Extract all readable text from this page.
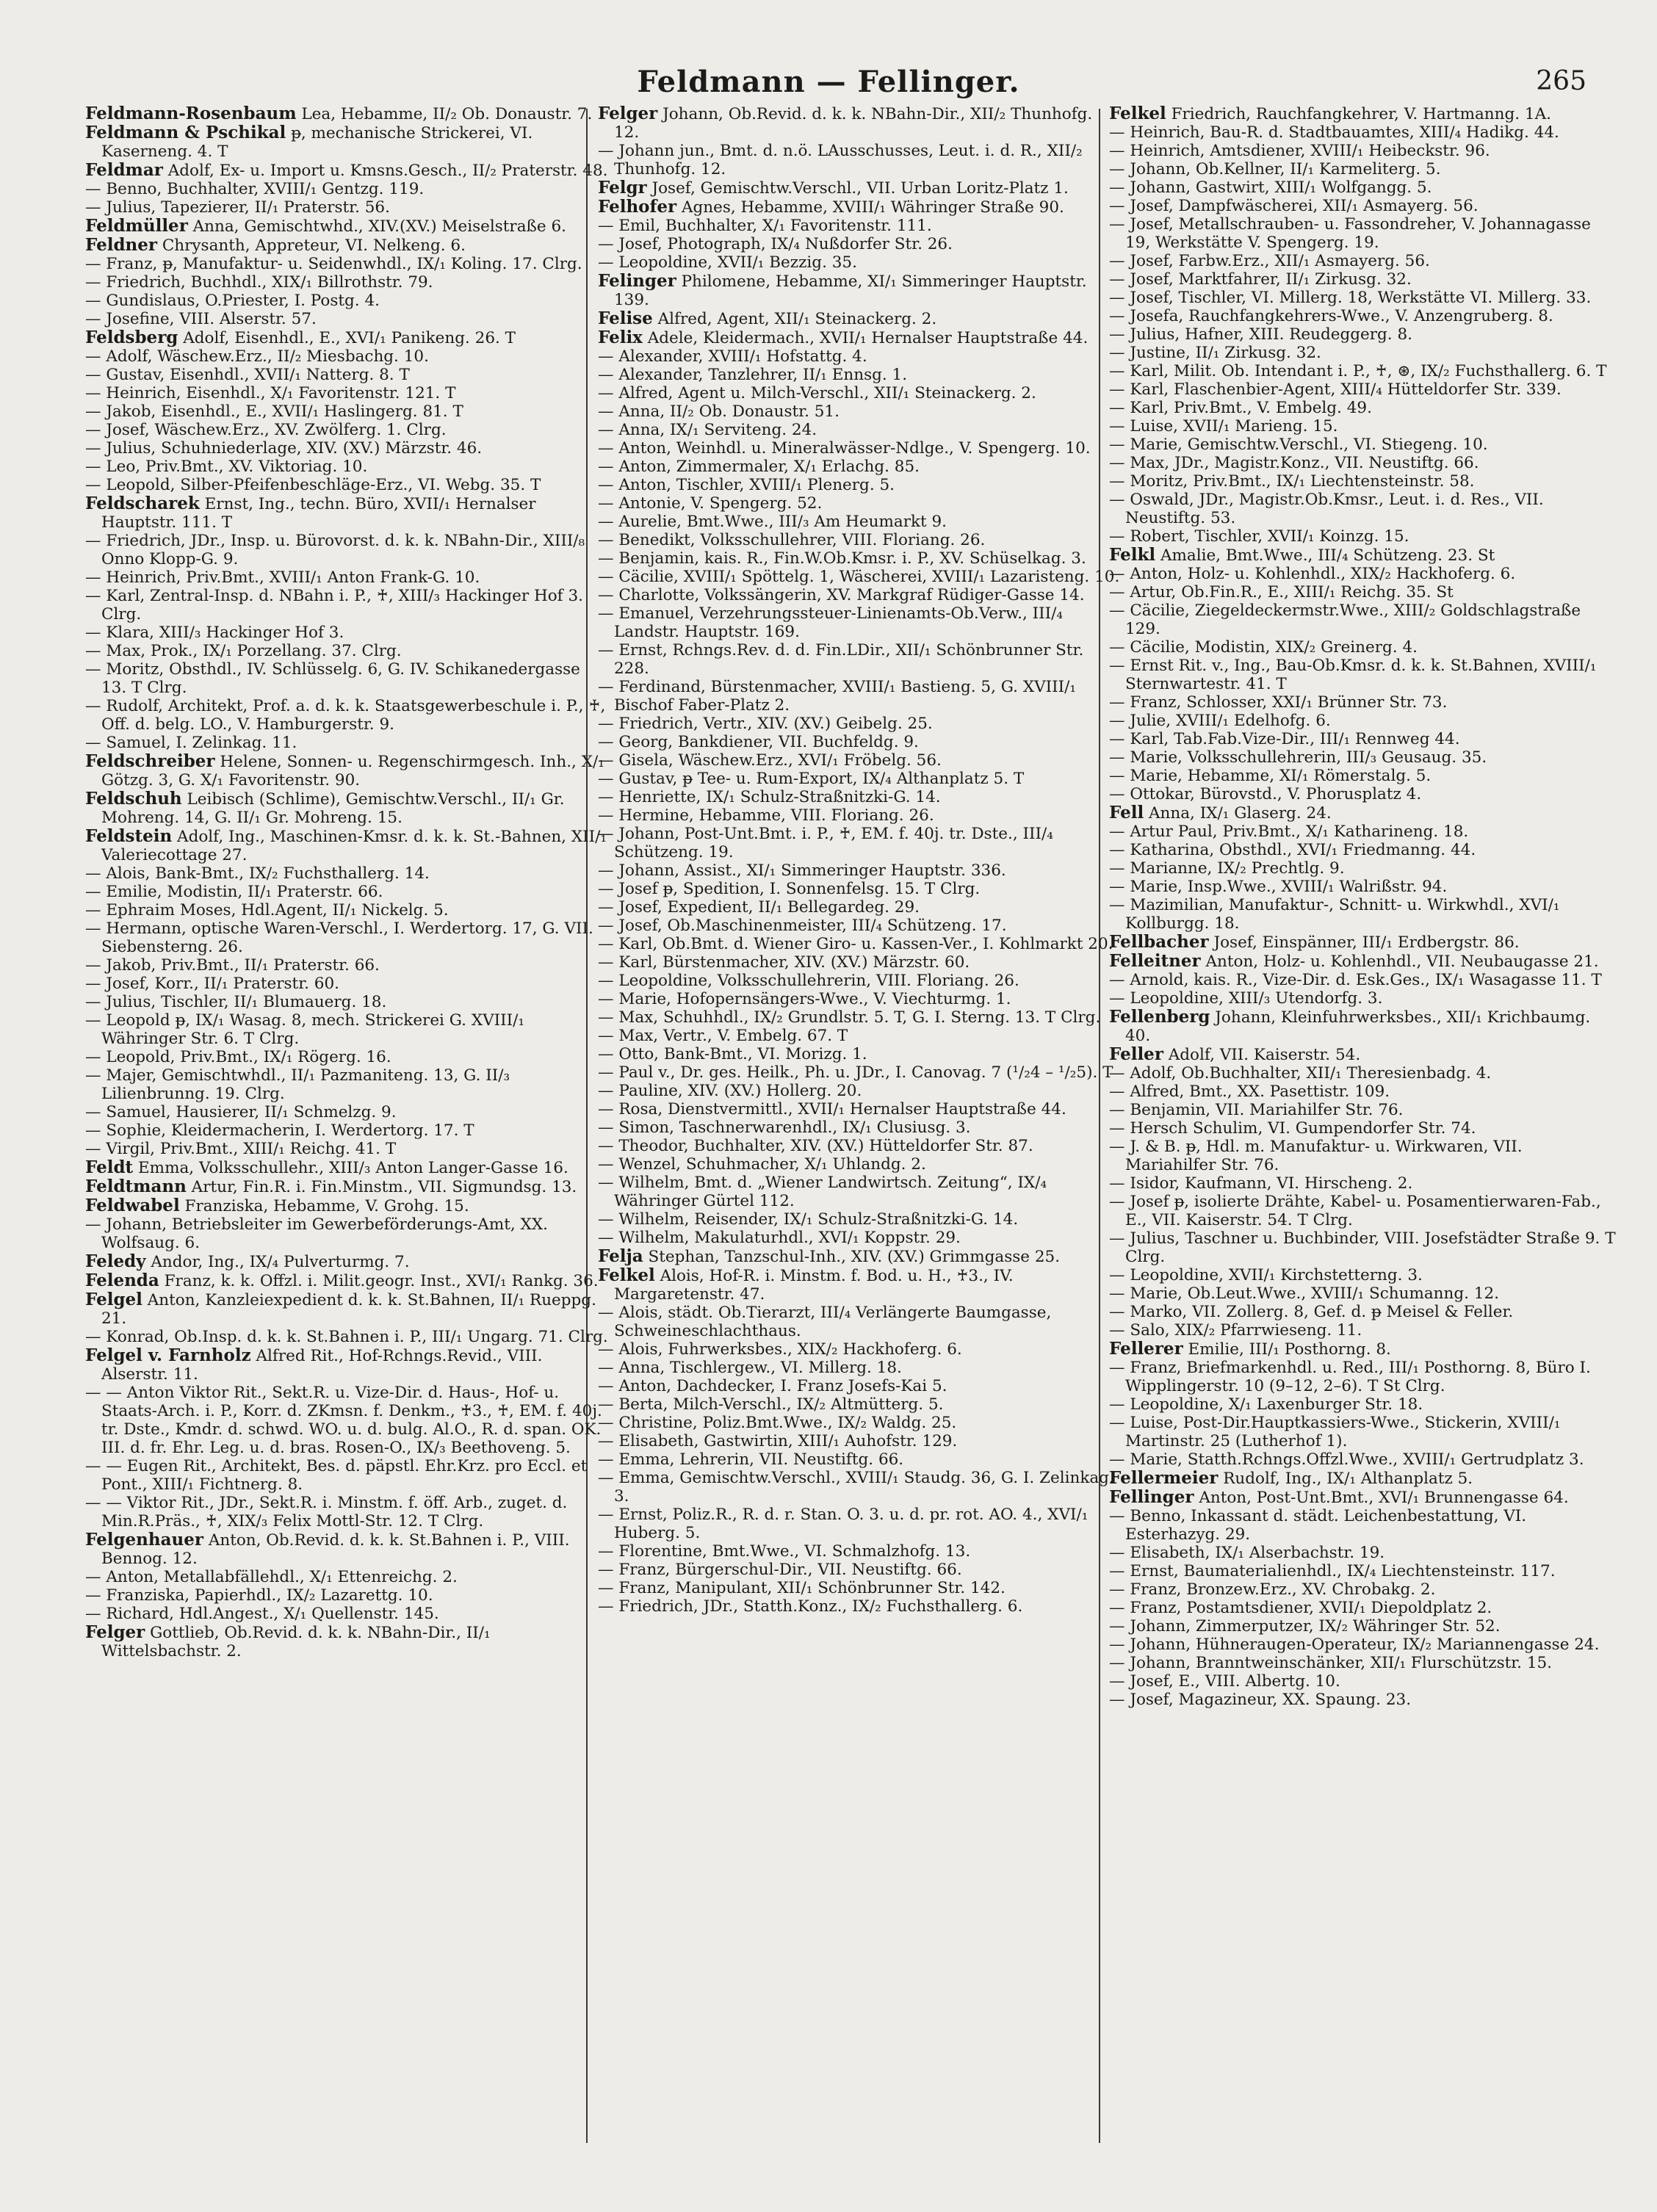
Feldmann — Fellinger.	265

Feldmann-Rosenbaum Lea, Hebamme, II/₂ Ob. Donaustr. 7.

Feldmann & Pschikal ᵽ, mechanische Strickerei, VI. Kaserneng. 4. T

Feldmar Adolf, Ex- u. Import u. Kmsns.Gesch., II/₂ Praterstr. 48.

— Benno, Buchhalter, XVIII/₁ Gentzg. 119.

— Julius, Tapezierer, II/₁ Praterstr. 56.

Feldmüller Anna, Gemischtwhd., XIV.(XV.) Meiselstraße 6.

Feldner Chrysanth, Appreteur, VI. Nelkeng. 6.

— Franz, ᵽ, Manufaktur- u. Seidenwhdl., IX/₁ Koling. 17. Clrg.

— Friedrich, Buchhdl., XIX/₁ Billrothstr. 79.

— Gundislaus, O.Priester, I. Postg. 4.

— Josefine, VIII. Alserstr. 57.

Feldsberg Adolf, Eisenhdl., E., XVI/₁ Panikeng. 26. T

— Adolf, Wäschew.Erz., II/₂ Miesbachg. 10.

— Gustav, Eisenhdl., XVII/₁ Natterg. 8. T

— Heinrich, Eisenhdl., X/₁ Favoritenstr. 121. T

— Jakob, Eisenhdl., E., XVII/₁ Haslingerg. 81. T

— Josef, Wäschew.Erz., XV. Zwölferg. 1. Clrg.

— Julius, Schuhniederlage, XIV. (XV.) Märzstr. 46.

— Leo, Priv.Bmt., XV. Viktoriag. 10.

— Leopold, Silber-Pfeifenbeschläge-Erz., VI. Webg. 35. T

Feldscharek Ernst, Ing., techn. Büro, XVII/₁ Hernalser Hauptstr. 111. T

— Friedrich, JDr., Insp. u. Bürovorst. d. k. k. NBahn-Dir., XIII/₈ Onno Klopp-G. 9.

— Heinrich, Priv.Bmt., XVIII/₁ Anton Frank-G. 10.

— Karl, Zentral-Insp. d. NBahn i. P., ♰, XIII/₃ Hackinger Hof 3. Clrg.

— Klara, XIII/₃ Hackinger Hof 3.

— Max, Prok., IX/₁ Porzellang. 37. Clrg.

— Moritz, Obsthdl., IV. Schlüsselg. 6, G. IV. Schikanedergasse 13. T Clrg.

— Rudolf, Architekt, Prof. a. d. k. k. Staatsgewerbeschule i. P., ♰, Off. d. belg. LO., V. Hamburgerstr. 9.

— Samuel, I. Zelinkag. 11.

Feldschreiber Helene, Sonnen- u. Regenschirmgesch. Inh., X/₁ Götzg. 3, G. X/₁ Favoritenstr. 90.

Feldschuh Leibisch (Schlime), Gemischtw.Verschl., II/₁ Gr. Mohreng. 14, G. II/₁ Gr. Mohreng. 15.

Feldstein Adolf, Ing., Maschinen-Kmsr. d. k. k. St.-Bahnen, XII/₁ Valeriecottage 27.

— Alois, Bank-Bmt., IX/₂ Fuchsthallerg. 14.

— Emilie, Modistin, II/₁ Praterstr. 66.

— Ephraim Moses, Hdl.Agent, II/₁ Nickelg. 5.

— Hermann, optische Waren-Verschl., I. Werdertorg. 17, G. VII. Siebensterng. 26.

— Jakob, Priv.Bmt., II/₁ Praterstr. 66.

— Josef, Korr., II/₁ Praterstr. 60.

— Julius, Tischler, II/₁ Blumauerg. 18.

— Leopold ᵽ, IX/₁ Wasag. 8, mech. Strickerei G. XVIII/₁ Währinger Str. 6. T Clrg.

— Leopold, Priv.Bmt., IX/₁ Rögerg. 16.

— Majer, Gemischtwhdl., II/₁ Pazmaniteng. 13, G. II/₃ Lilienbrunng. 19. Clrg.

— Samuel, Hausierer, II/₁ Schmelzg. 9.

— Sophie, Kleidermacherin, I. Werdertorg. 17. T

— Virgil, Priv.Bmt., XIII/₁ Reichg. 41. T

Feldt Emma, Volksschullehr., XIII/₃ Anton Langer-Gasse 16.

Feldtmann Artur, Fin.R. i. Fin.Minstm., VII. Sigmundsg. 13.

Feldwabel Franziska, Hebamme, V. Grohg. 15.

— Johann, Betriebsleiter im Gewerbeförderungs-Amt, XX. Wolfsaug. 6.

Feledy Andor, Ing., IX/₄ Pulverturmg. 7.

Felenda Franz, k. k. Offzl. i. Milit.geogr. Inst., XVI/₁ Rankg. 36.

Felgel Anton, Kanzleiexpedient d. k. k. St.Bahnen, II/₁ Rueppg. 21.

— Konrad, Ob.Insp. d. k. k. St.Bahnen i. P., III/₁ Ungarg. 71. Clrg.

Felgel v. Farnholz Alfred Rit., Hof-Rchngs.Revid., VIII. Alserstr. 11.

— — Anton Viktor Rit., Sekt.R. u. Vize-Dir. d. Haus-, Hof- u. Staats-Arch. i. P., Korr. d. ZKmsn. f. Denkm., ♰3., ♰, EM. f. 40j. tr. Dste., Kmdr. d. schwd. WO. u. d. bulg. Al.O., R. d. span. OK. III. d. fr. Ehr. Leg. u. d. bras. Rosen-O., IX/₃ Beethoveng. 5.

— — Eugen Rit., Architekt, Bes. d. päpstl. Ehr.Krz. pro Eccl. et Pont., XIII/₁ Fichtnerg. 8.

— — Viktor Rit., JDr., Sekt.R. i. Minstm. f. öff. Arb., zuget. d. Min.R.Präs., ♰, XIX/₃ Felix Mottl-Str. 12. T Clrg.

Felgenhauer Anton, Ob.Revid. d. k. k. St.Bahnen i. P., VIII. Bennog. 12.

— Anton, Metallabfällehdl., X/₁ Ettenreichg. 2.

— Franziska, Papierhdl., IX/₂ Lazarettg. 10.

— Richard, Hdl.Angest., X/₁ Quellenstr. 145.

Felger Gottlieb, Ob.Revid. d. k. k. NBahn-Dir., II/₁ Wittelsbachstr. 2.

Felger Johann, Ob.Revid. d. k. k. NBahn-Dir., XII/₂ Thunhofg. 12.

— Johann jun., Bmt. d. n.ö. LAusschusses, Leut. i. d. R., XII/₂ Thunhofg. 12.

Felgr Josef, Gemischtw.Verschl., VII. Urban Loritz-Platz 1.

Felhofer Agnes, Hebamme, XVIII/₁ Währinger Straße 90.

— Emil, Buchhalter, X/₁ Favoritenstr. 111.

— Josef, Photograph, IX/₄ Nußdorfer Str. 26.

— Leopoldine, XVII/₁ Bezzig. 35.

Felinger Philomene, Hebamme, XI/₁ Simmeringer Hauptstr. 139.

Felise Alfred, Agent, XII/₁ Steinackerg. 2.

Felix Adele, Kleidermach., XVII/₁ Hernalser Hauptstraße 44.

— Alexander, XVIII/₁ Hofstattg. 4.

— Alexander, Tanzlehrer, II/₁ Ennsg. 1.

— Alfred, Agent u. Milch-Verschl., XII/₁ Steinackerg. 2.

— Anna, II/₂ Ob. Donaustr. 51.

— Anna, IX/₁ Serviteng. 24.

— Anton, Weinhdl. u. Mineralwässer-Ndlge., V. Spengerg. 10.

— Anton, Zimmermaler, X/₁ Erlachg. 85.

— Anton, Tischler, XVIII/₁ Plenerg. 5.

— Antonie, V. Spengerg. 52.

— Aurelie, Bmt.Wwe., III/₃ Am Heumarkt 9.

— Benedikt, Volksschullehrer, VIII. Floriang. 26.

— Benjamin, kais. R., Fin.W.Ob.Kmsr. i. P., XV. Schüselkag. 3.

— Cäcilie, XVIII/₁ Spöttelg. 1, Wäscherei, XVIII/₁ Lazaristeng. 10.

— Charlotte, Volkssängerin, XV. Markgraf Rüdiger-Gasse 14.

— Emanuel, Verzehrungssteuer-Linienamts-Ob.Verw., III/₄ Landstr. Hauptstr. 169.

— Ernst, Rchngs.Rev. d. d. Fin.LDir., XII/₁ Schönbrunner Str. 228.

— Ferdinand, Bürstenmacher, XVIII/₁ Bastieng. 5, G. XVIII/₁ Bischof Faber-Platz 2.

— Friedrich, Vertr., XIV. (XV.) Geibelg. 25.

— Georg, Bankdiener, VII. Buchfeldg. 9.

— Gisela, Wäschew.Erz., XVI/₁ Fröbelg. 56.

— Gustav, ᵽ Tee- u. Rum-Export, IX/₄ Althanplatz 5. T

— Henriette, IX/₁ Schulz-Straßnitzki-G. 14.

— Hermine, Hebamme, VIII. Floriang. 26.

— Johann, Post-Unt.Bmt. i. P., ♰, EM. f. 40j. tr. Dste., III/₄ Schützeng. 19.

— Johann, Assist., XI/₁ Simmeringer Hauptstr. 336.

— Josef ᵽ, Spedition, I. Sonnenfelsg. 15. T Clrg.

— Josef, Expedient, II/₁ Bellegardeg. 29.

— Josef, Ob.Maschinenmeister, III/₄ Schützeng. 17.

— Karl, Ob.Bmt. d. Wiener Giro- u. Kassen-Ver., I. Kohlmarkt 20.

— Karl, Bürstenmacher, XIV. (XV.) Märzstr. 60.

— Leopoldine, Volksschullehrerin, VIII. Floriang. 26.

— Marie, Hofopernsängers-Wwe., V. Viechturmg. 1.

— Max, Schuhhdl., IX/₂ Grundlstr. 5. T, G. I. Sterng. 13. T Clrg.

— Max, Vertr., V. Embelg. 67. T

— Otto, Bank-Bmt., VI. Morizg. 1.

— Paul v., Dr. ges. Heilk., Ph. u. JDr., I. Canovag. 7 (¹/₂4 – ¹/₂5). T

— Pauline, XIV. (XV.) Hollerg. 20.

— Rosa, Dienstvermittl., XVII/₁ Hernalser Hauptstraße 44.

— Simon, Taschnerwarenhdl., IX/₁ Clusiusg. 3.

— Theodor, Buchhalter, XIV. (XV.) Hütteldorfer Str. 87.

— Wenzel, Schuhmacher, X/₁ Uhlandg. 2.

— Wilhelm, Bmt. d. „Wiener Landwirtsch. Zeitung“, IX/₄ Währinger Gürtel 112.

— Wilhelm, Reisender, IX/₁ Schulz-Straßnitzki-G. 14.

— Wilhelm, Makulaturhdl., XVI/₁ Koppstr. 29.

Felja Stephan, Tanzschul-Inh., XIV. (XV.) Grimmgasse 25.

Felkel Alois, Hof-R. i. Minstm. f. Bod. u. H., ♰3., IV. Margaretenstr. 47.

— Alois, städt. Ob.Tierarzt, III/₄ Verlängerte Baumgasse, Schweineschlachthaus.

— Alois, Fuhrwerksbes., XIX/₂ Hackhoferg. 6.

— Anna, Tischlergew., VI. Millerg. 18.

— Anton, Dachdecker, I. Franz Josefs-Kai 5.

— Berta, Milch-Verschl., IX/₂ Altmütterg. 5.

— Christine, Poliz.Bmt.Wwe., IX/₂ Waldg. 25.

— Elisabeth, Gastwirtin, XIII/₁ Auhofstr. 129.

— Emma, Lehrerin, VII. Neustiftg. 66.

— Emma, Gemischtw.Verschl., XVIII/₁ Staudg. 36, G. I. Zelinkag. 3.

— Ernst, Poliz.R., R. d. r. Stan. O. 3. u. d. pr. rot. AO. 4., XVI/₁ Huberg. 5.

— Florentine, Bmt.Wwe., VI. Schmalzhofg. 13.

— Franz, Bürgerschul-Dir., VII. Neustiftg. 66.

— Franz, Manipulant, XII/₁ Schönbrunner Str. 142.

— Friedrich, JDr., Statth.Konz., IX/₂ Fuchsthallerg. 6.

Felkel Friedrich, Rauchfangkehrer, V. Hartmanng. 1A.

— Heinrich, Bau-R. d. Stadtbauamtes, XIII/₄ Hadikg. 44.

— Heinrich, Amtsdiener, XVIII/₁ Heibeckstr. 96.

— Johann, Ob.Kellner, II/₁ Karmeliterg. 5.

— Johann, Gastwirt, XIII/₁ Wolfgangg. 5.

— Josef, Dampfwäscherei, XII/₁ Asmayerg. 56.

— Josef, Metallschrauben- u. Fassondreher, V. Johannagasse 19, Werkstätte V. Spengerg. 19.

— Josef, Farbw.Erz., XII/₁ Asmayerg. 56.

— Josef, Marktfahrer, II/₁ Zirkusg. 32.

— Josef, Tischler, VI. Millerg. 18, Werkstätte VI. Millerg. 33.

— Josefa, Rauchfangkehrers-Wwe., V. Anzengruberg. 8.

— Julius, Hafner, XIII. Reudeggerg. 8.

— Justine, II/₁ Zirkusg. 32.

— Karl, Milit. Ob. Intendant i. P., ♰, ⊛, IX/₂ Fuchsthallerg. 6. T

— Karl, Flaschenbier-Agent, XIII/₄ Hütteldorfer Str. 339.

— Karl, Priv.Bmt., V. Embelg. 49.

— Luise, XVII/₁ Marieng. 15.

— Marie, Gemischtw.Verschl., VI. Stiegeng. 10.

— Max, JDr., Magistr.Konz., VII. Neustiftg. 66.

— Moritz, Priv.Bmt., IX/₁ Liechtensteinstr. 58.

— Oswald, JDr., Magistr.Ob.Kmsr., Leut. i. d. Res., VII. Neustiftg. 53.

— Robert, Tischler, XVII/₁ Koinzg. 15.

Felkl Amalie, Bmt.Wwe., III/₄ Schützeng. 23. St

— Anton, Holz- u. Kohlenhdl., XIX/₂ Hackhoferg. 6.

— Artur, Ob.Fin.R., E., XIII/₁ Reichg. 35. St

— Cäcilie, Ziegeldeckermstr.Wwe., XIII/₂ Goldschlagstraße 129.

— Cäcilie, Modistin, XIX/₂ Greinerg. 4.

— Ernst Rit. v., Ing., Bau-Ob.Kmsr. d. k. k. St.Bahnen, XVIII/₁ Sternwartestr. 41. T

— Franz, Schlosser, XXI/₁ Brünner Str. 73.

— Julie, XVIII/₁ Edelhofg. 6.

— Karl, Tab.Fab.Vize-Dir., III/₁ Rennweg 44.

— Marie, Volksschullehrerin, III/₃ Geusaug. 35.

— Marie, Hebamme, XI/₁ Römerstalg. 5.

— Ottokar, Bürovstd., V. Phorusplatz 4.

Fell Anna, IX/₁ Glaserg. 24.

— Artur Paul, Priv.Bmt., X/₁ Katharineng. 18.

— Katharina, Obsthdl., XVI/₁ Friedmanng. 44.

— Marianne, IX/₂ Prechtlg. 9.

— Marie, Insp.Wwe., XVIII/₁ Walrißstr. 94.

— Mazimilian, Manufaktur-, Schnitt- u. Wirkwhdl., XVI/₁ Kollburgg. 18.

Fellbacher Josef, Einspänner, III/₁ Erdbergstr. 86.

Felleitner Anton, Holz- u. Kohlenhdl., VII. Neubaugasse 21.

— Arnold, kais. R., Vize-Dir. d. Esk.Ges., IX/₁ Wasagasse 11. T

— Leopoldine, XIII/₃ Utendorfg. 3.

Fellenberg Johann, Kleinfuhrwerksbes., XII/₁ Krichbaumg. 40.

Feller Adolf, VII. Kaiserstr. 54.

— Adolf, Ob.Buchhalter, XII/₁ Theresienbadg. 4.

— Alfred, Bmt., XX. Pasettistr. 109.

— Benjamin, VII. Mariahilfer Str. 76.

— Hersch Schulim, VI. Gumpendorfer Str. 74.

— J. & B. ᵽ, Hdl. m. Manufaktur- u. Wirkwaren, VII. Mariahilfer Str. 76.

— Isidor, Kaufmann, VI. Hirscheng. 2.

— Josef ᵽ, isolierte Drähte, Kabel- u. Posamentierwaren-Fab., E., VII. Kaiserstr. 54. T Clrg.

— Julius, Taschner u. Buchbinder, VIII. Josefstädter Straße 9. T Clrg.

— Leopoldine, XVII/₁ Kirchstetterng. 3.

— Marie, Ob.Leut.Wwe., XVIII/₁ Schumanng. 12.

— Marko, VII. Zollerg. 8, Gef. d. ᵽ Meisel & Feller.

— Salo, XIX/₂ Pfarrwieseng. 11.

Fellerer Emilie, III/₁ Posthorng. 8.

— Franz, Briefmarkenhdl. u. Red., III/₁ Posthorng. 8, Büro I. Wipplingerstr. 10 (9–12, 2–6). T St Clrg.

— Leopoldine, X/₁ Laxenburger Str. 18.

— Luise, Post-Dir.Hauptkassiers-Wwe., Stickerin, XVIII/₁ Martinstr. 25 (Lutherhof 1).

— Marie, Statth.Rchngs.Offzl.Wwe., XVIII/₁ Gertrudplatz 3.

Fellermeier Rudolf, Ing., IX/₁ Althanplatz 5.

Fellinger Anton, Post-Unt.Bmt., XVI/₁ Brunnengasse 64.

— Benno, Inkassant d. städt. Leichenbestattung, VI. Esterhazyg. 29.

— Elisabeth, IX/₁ Alserbachstr. 19.

— Ernst, Baumaterialienhdl., IX/₄ Liechtensteinstr. 117.

— Franz, Bronzew.Erz., XV. Chrobakg. 2.

— Franz, Postamtsdiener, XVII/₁ Diepoldplatz 2.

— Johann, Zimmerputzer, IX/₂ Währinger Str. 52.

— Johann, Hühneraugen-Operateur, IX/₂ Mariannengasse 24.

— Johann, Branntweinschänker, XII/₁ Flurschützstr. 15.

— Josef, E., VIII. Albertg. 10.

— Josef, Magazineur, XX. Spaung. 23.
